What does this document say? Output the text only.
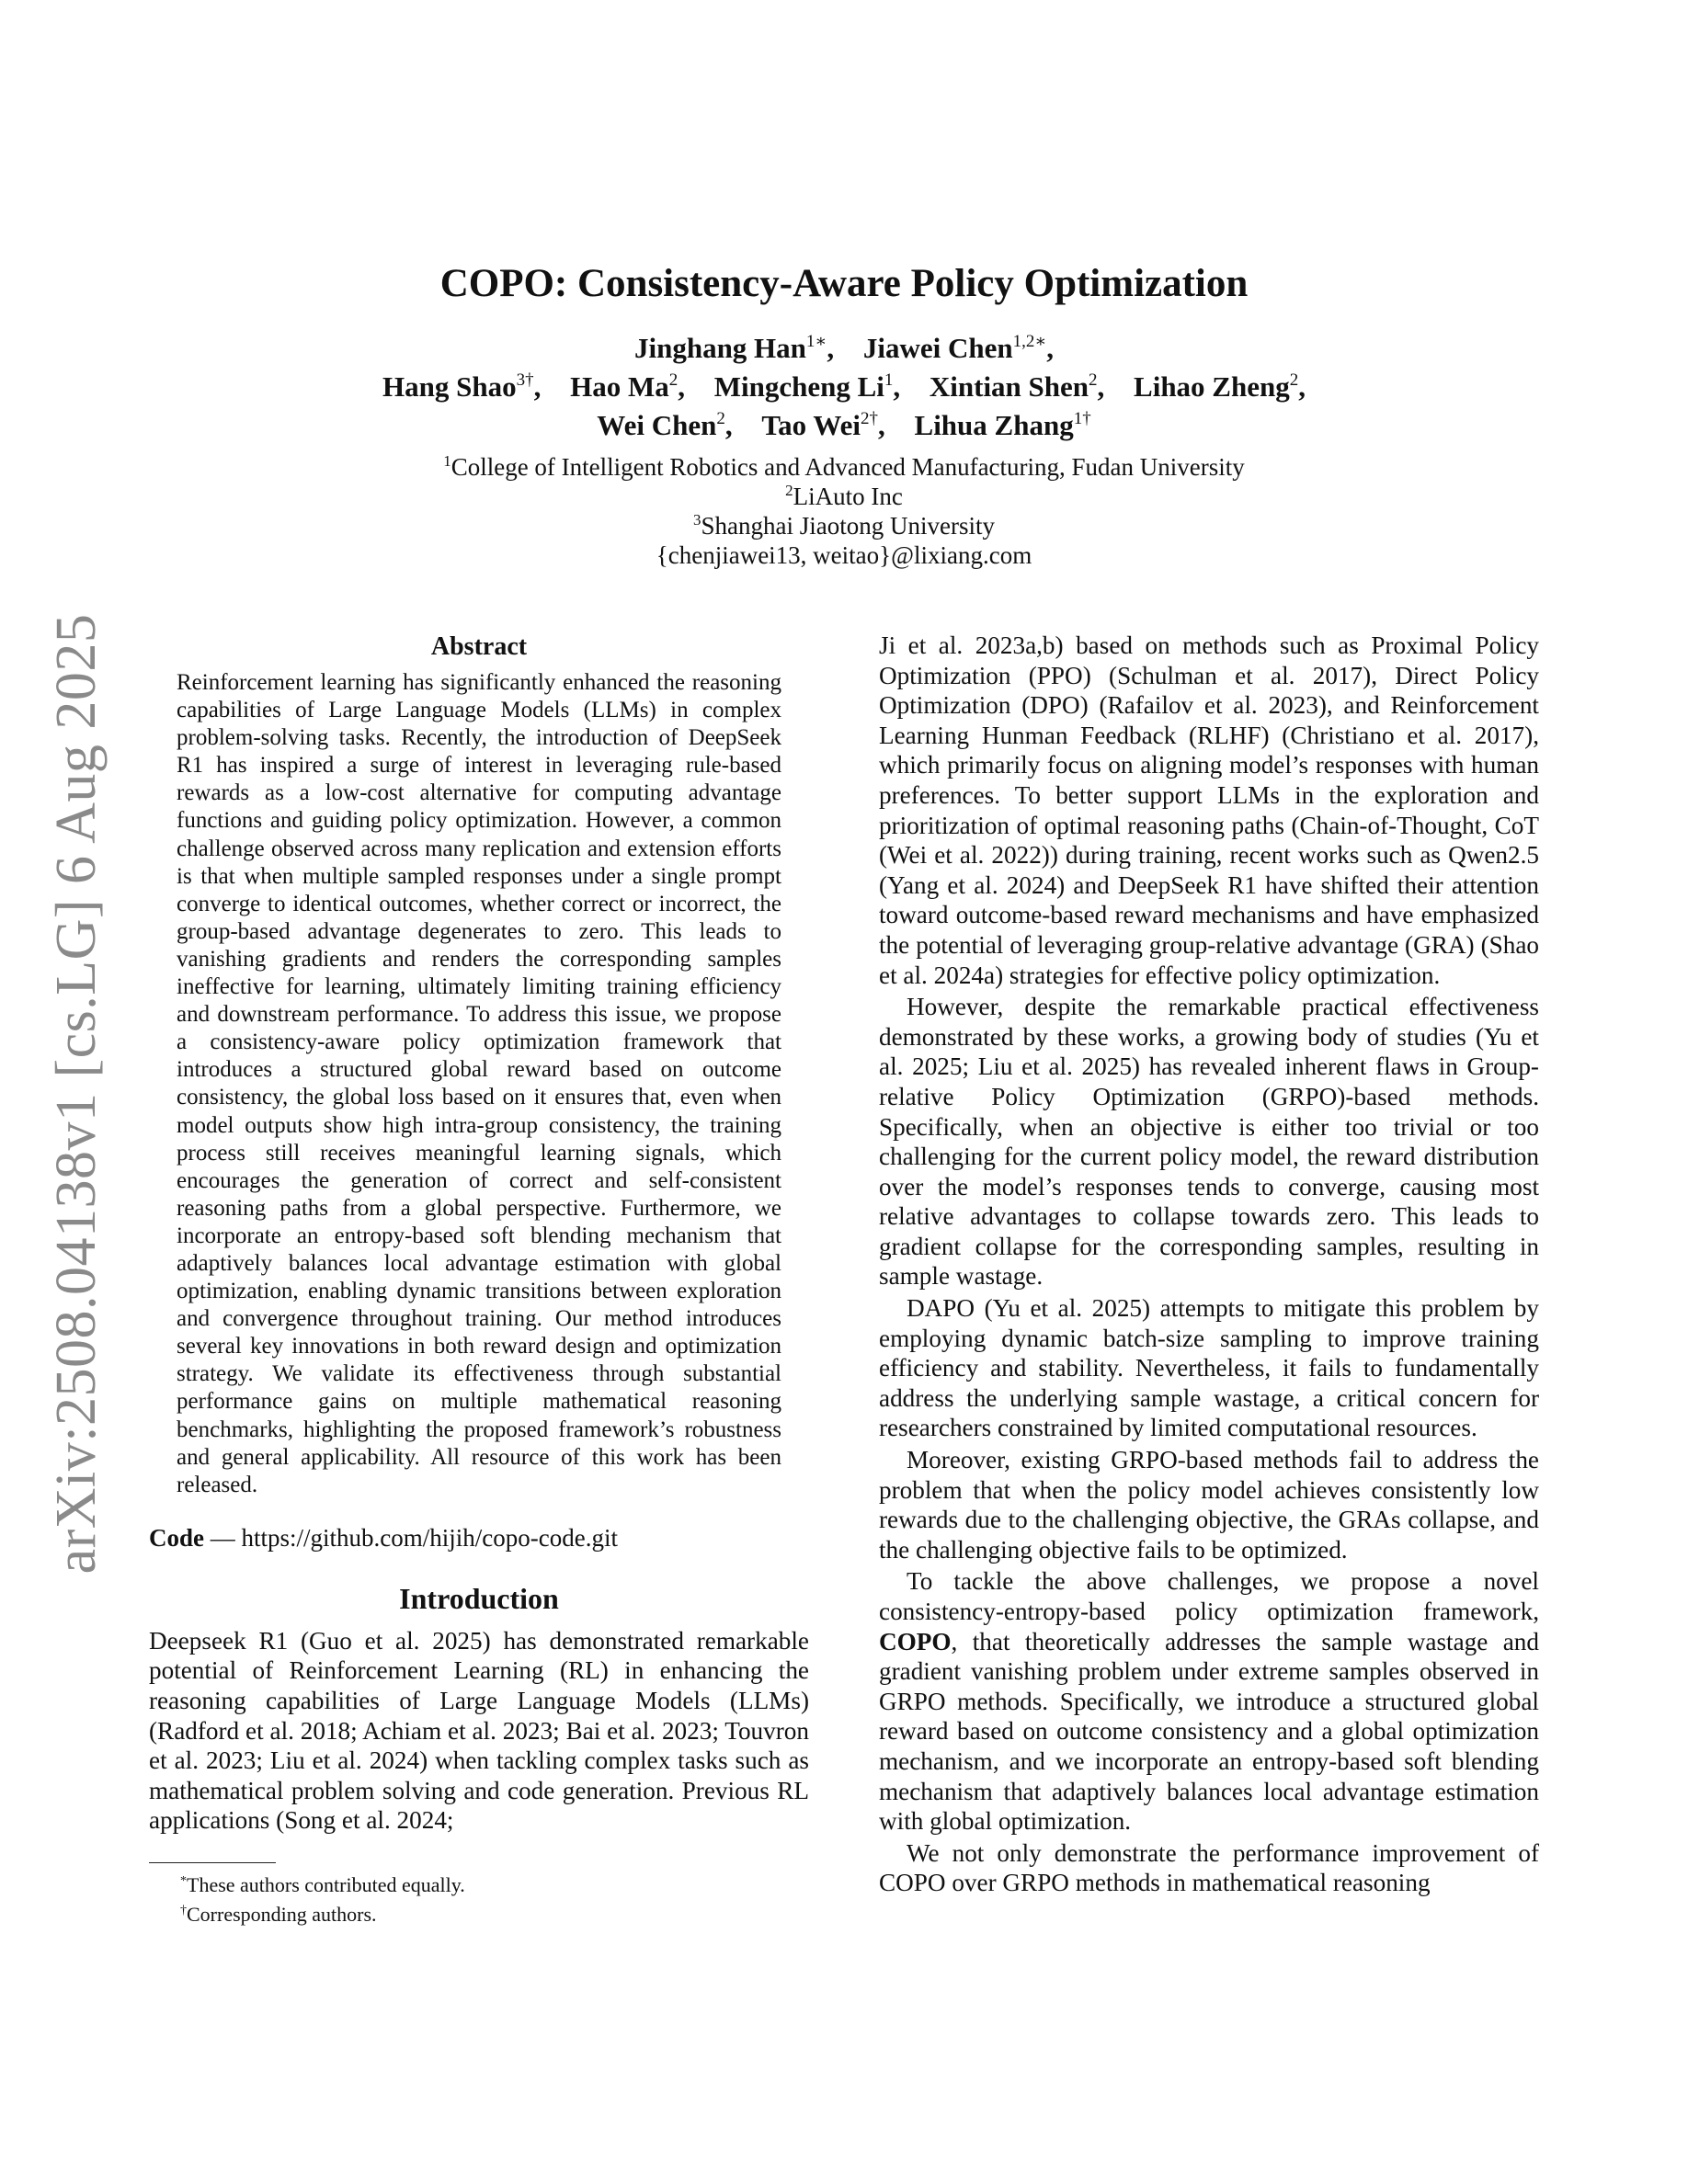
arXiv:2508.04138v1 [cs.LG] 6 Aug 2025
COPO: Consistency-Aware Policy Optimization
Jinghang Han$^{1∗}$, Jiawei Chen$^{1,2∗}$,
Hang Shao$^{3\dagger}$, Hao Ma$^2$, Mingcheng Li$^1$, Xintian Shen$^2$, Lihao Zheng$^2$,
Wei Chen$^2$, Tao Wei$^{2\dagger}$, Lihua Zhang$^{1\dagger}$
$^1$College of Intelligent Robotics and Advanced Manufacturing, Fudan University
$^2$LiAuto Inc
$^3$Shanghai Jiaotong University
{chenjiawei13, weitao}@lixiang.com
Abstract

Reinforcement learning has significantly enhanced the reasoning capabilities of Large Language Models (LLMs) in complex problem-solving tasks. Recently, the introduction of DeepSeek R1 has inspired a surge of interest in leveraging rule-based rewards as a low-cost alternative for computing advantage functions and guiding policy optimization. However, a common challenge observed across many replication and extension efforts is that when multiple sampled responses under a single prompt converge to identical outcomes, whether correct or incorrect, the group-based advantage degenerates to zero. This leads to vanishing gradients and renders the corresponding samples ineffective for learning, ultimately limiting training efficiency and downstream performance. To address this issue, we propose a consistency-aware policy optimization framework that introduces a structured global reward based on outcome consistency, the global loss based on it ensures that, even when model outputs show high intra-group consistency, the training process still receives meaningful learning signals, which encourages the generation of correct and self-consistent reasoning paths from a global perspective. Furthermore, we incorporate an entropy-based soft blending mechanism that adaptively balances local advantage estimation with global optimization, enabling dynamic transitions between exploration and convergence throughout training. Our method introduces several key innovations in both reward design and optimization strategy. We validate its effectiveness through substantial performance gains on multiple mathematical reasoning benchmarks, highlighting the proposed framework’s robustness and general applicability. All resource of this work has been released.

Code — https://github.com/hijih/copo-code.git
Introduction

Deepseek R1 (Guo et al. 2025) has demonstrated remarkable potential of Reinforcement Learning (RL) in enhancing the reasoning capabilities of Large Language Models (LLMs) (Radford et al. 2018; Achiam et al. 2023; Bai et al. 2023; Touvron et al. 2023; Liu et al. 2024) when tackling complex tasks such as mathematical problem solving and code generation. Previous RL applications (Song et al. 2024;

Ji et al. 2023a,b) based on methods such as Proximal Policy Optimization (PPO) (Schulman et al. 2017), Direct Policy Optimization (DPO) (Rafailov et al. 2023), and Reinforcement Learning Hunman Feedback (RLHF) (Christiano et al. 2017), which primarily focus on aligning model’s responses with human preferences. To better support LLMs in the exploration and prioritization of optimal reasoning paths (Chain-of-Thought, CoT (Wei et al. 2022)) during training, recent works such as Qwen2.5 (Yang et al. 2024) and DeepSeek R1 have shifted their attention toward outcome-based reward mechanisms and have emphasized the potential of leveraging group-relative advantage (GRA) (Shao et al. 2024a) strategies for effective policy optimization.

However, despite the remarkable practical effectiveness demonstrated by these works, a growing body of studies (Yu et al. 2025; Liu et al. 2025) has revealed inherent flaws in Group-relative Policy Optimization (GRPO)-based methods. Specifically, when an objective is either too trivial or too challenging for the current policy model, the reward distribution over the model’s responses tends to converge, causing most relative advantages to collapse towards zero. This leads to gradient collapse for the corresponding samples, resulting in sample wastage.

DAPO (Yu et al. 2025) attempts to mitigate this problem by employing dynamic batch-size sampling to improve training efficiency and stability. Nevertheless, it fails to fundamentally address the underlying sample wastage, a critical concern for researchers constrained by limited computational resources.

Moreover, existing GRPO-based methods fail to address the problem that when the policy model achieves consistently low rewards due to the challenging objective, the GRAs collapse, and the challenging objective fails to be optimized.

To tackle the above challenges, we propose a novel consistency-entropy-based policy optimization framework, COPO, that theoretically addresses the sample wastage and gradient vanishing problem under extreme samples observed in GRPO methods. Specifically, we introduce a structured global reward based on outcome consistency and a global optimization mechanism, and we incorporate an entropy-based soft blending mechanism that adaptively balances local advantage estimation with global optimization.

We not only demonstrate the performance improvement of COPO over GRPO methods in mathematical reasoning

*These authors contributed equally.
†Corresponding authors.
